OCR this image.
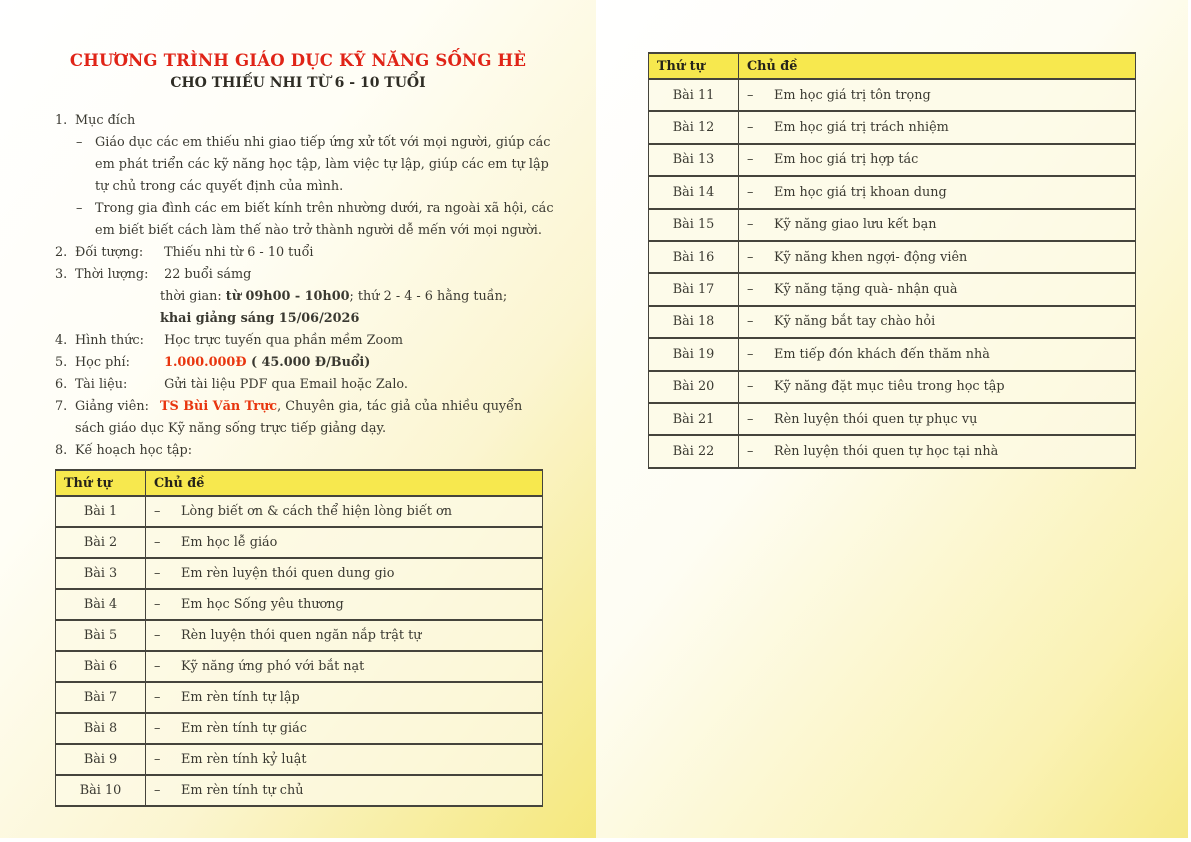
CHƯƠNG TRÌNH GIÁO DỤC KỸ NĂNG SỐNG HÈ
CHO THIẾU NHI TỪ 6 - 10 TUỔI
1. Mục đích
– Giáo dục các em thiếu nhi giao tiếp ứng xử tốt với mọi người, giúp các em phát triển các kỹ năng học tập, làm việc tự lập, giúp các em tự lập tự chủ trong các quyết định của mình.
– Trong gia đình các em biết kính trên nhường dưới, ra ngoài xã hội, các em biết biết cách làm thế nào trở thành người dễ mến với mọi người.
2. Đối tượng: Thiếu nhi từ 6 - 10 tuổi
3. Thời lượng: 22 buổi sámg
thời gian: từ 09h00 - 10h00; thứ 2 - 4 - 6 hằng tuần;
khai giảng sáng 15/06/2026
4. Hình thức: Học trực tuyến qua phần mềm Zoom
5. Học phí:	1.000.000Đ ( 45.000 Đ/Buổi)
6. Tài liệu:	Gửi tài liệu PDF qua Email hoặc Zalo.
7. Giảng viên: TS Bùi Văn Trực, Chuyên gia, tác giả của nhiều quyển sách giáo dục Kỹ năng sống trực tiếp giảng dạy.
8. Kế hoạch học tập:
Thứ tự	Chủ đề
Bài 1	– Lòng biết ơn & cách thể hiện lòng biết ơn
Bài 2	– Em học lễ giáo
Bài 3	– Em rèn luyện thói quen dung gio
Bài 4	– Em học Sống yêu thương
Bài 5	– Rèn luyện thói quen ngăn nắp trật tự
Bài 6	– Kỹ năng ứng phó với bắt nạt
Bài 7	– Em rèn tính tự lập
Bài 8	– Em rèn tính tự giác
Bài 9	– Em rèn tính kỷ luật
Bài 10	– Em rèn tính tự chủ
Thứ tự	Chủ đề
Bài 11	– Em học giá trị tôn trọng
Bài 12	– Em học giá trị trách nhiệm
Bài 13	– Em hoc giá trị hợp tác
Bài 14	– Em học giá trị khoan dung
Bài 15	– Kỹ năng giao lưu kết bạn
Bài 16	– Kỹ năng khen ngợi- động viên
Bài 17	– Kỹ năng tặng quà- nhận quà
Bài 18	– Kỹ năng bắt tay chào hỏi
Bài 19	– Em tiếp đón khách đến thăm nhà
Bài 20	– Kỹ năng đặt mục tiêu trong học tập
Bài 21	– Rèn luyện thói quen tự phục vụ
Bài 22	– Rèn luyện thói quen tự học tại nhà
